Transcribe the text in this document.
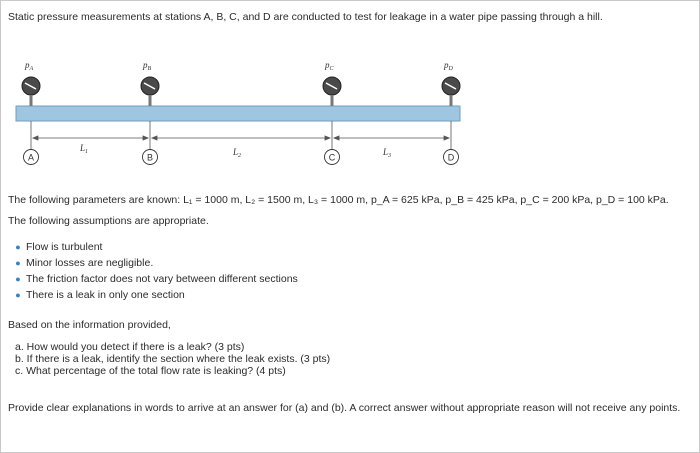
Static pressure measurements at stations A, B, C, and D are conducted to test for leakage in a water pipe passing through a hill.
$p_A$	$p_B$	$p_C$	$p_D$
$L_1$	$L_2$	$L_3$
A	B	C	D
The following parameters are known: L₁ = 1000 m, L₂ = 1500 m, L₃ = 1000 m, p_A = 625 kPa, p_B = 425 kPa, p_C = 200 kPa, p_D = 100 kPa.
The following assumptions are appropriate.
● Flow is turbulent
● Minor losses are negligible.
● The friction factor does not vary between different sections
● There is a leak in only one section
Based on the information provided,
a. How would you detect if there is a leak? (3 pts)
b. If there is a leak, identify the section where the leak exists. (3 pts)
c. What percentage of the total flow rate is leaking? (4 pts)
Provide clear explanations in words to arrive at an answer for (a) and (b). A correct answer without appropriate reason will not receive any points.
